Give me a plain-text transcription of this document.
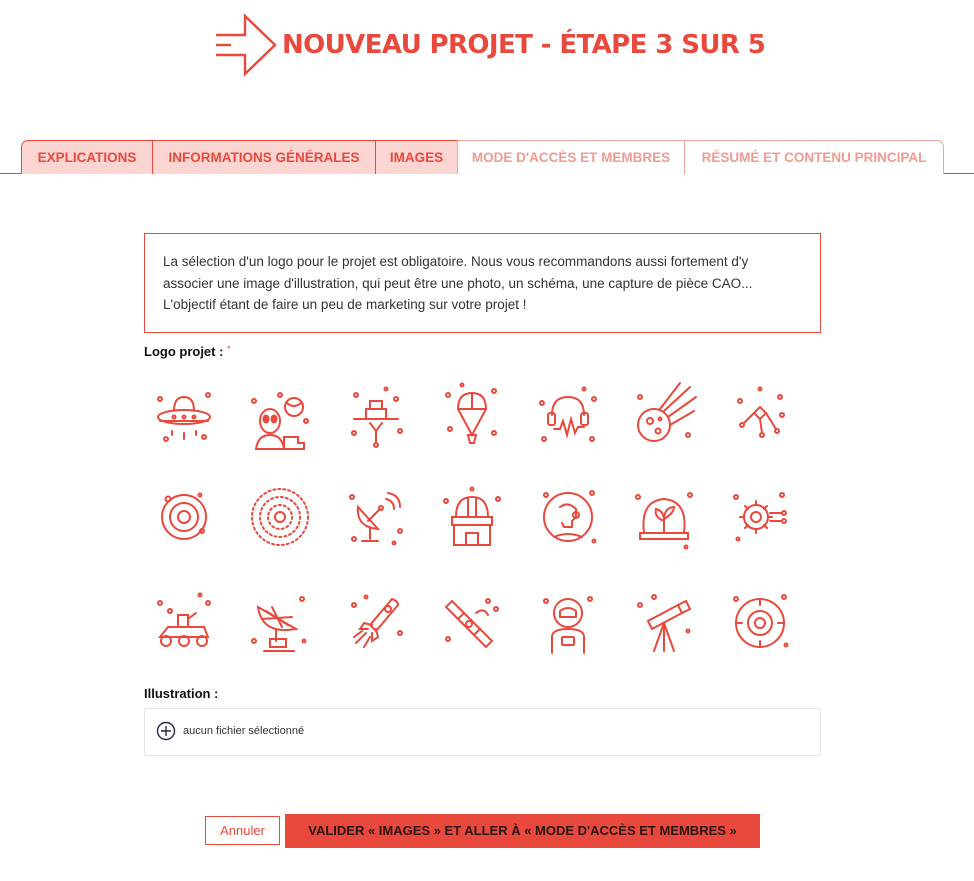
NOUVEAU PROJET - ÉTAPE 3 SUR 5
EXPLICATIONS	INFORMATIONS GÉNÉRALES	IMAGES	MODE D'ACCÈS ET MEMBRES	RÉSUMÉ ET CONTENU PRINCIPAL
La sélection d'un logo pour le projet est obligatoire. Nous vous recommandons aussi fortement d'y associer une image d'illustration, qui peut être une photo, un schéma, une capture de pièce CAO... L'objectif étant de faire un peu de marketing sur votre projet !
Logo projet : *
Illustration :
aucun fichier sélectionné
Annuler	VALIDER « IMAGES » ET ALLER À « MODE D'ACCÈS ET MEMBRES »
